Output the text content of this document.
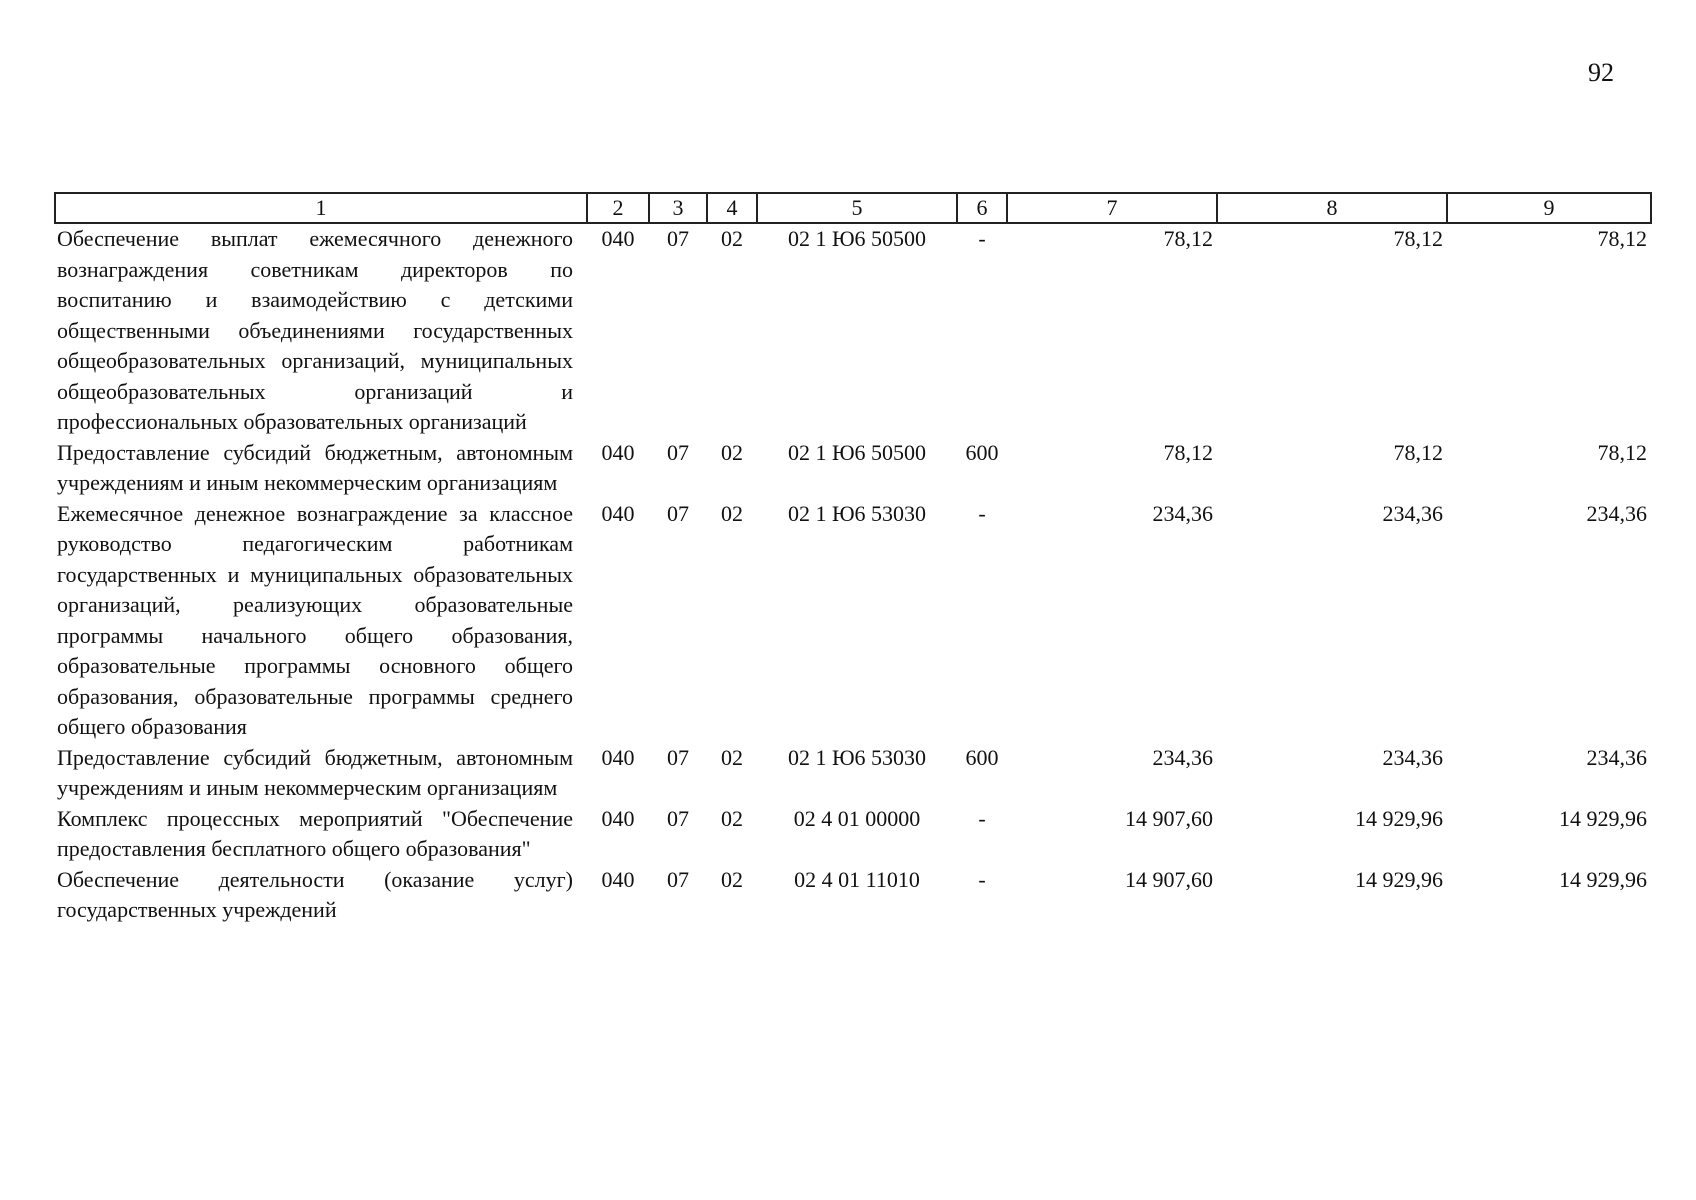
92
1	2	3	4	5	6	7	8	9
Обеспечение выплат ежемесячного денежного вознаграждения советникам директоров по воспитанию и взаимодействию с детскими общественными объединениями государственных общеобразовательных организаций, муниципальных общеобразовательных организаций и профессиональных образовательных организаций	040	07	02	02 1 Ю6 50500	-	78,12	78,12	78,12
Предоставление субсидий бюджетным, автономным учреждениям и иным некоммерческим организациям	040	07	02	02 1 Ю6 50500	600	78,12	78,12	78,12
Ежемесячное денежное вознаграждение за классное руководство педагогическим работникам государственных и муниципальных образовательных организаций, реализующих образовательные программы начального общего образования, образовательные программы основного общего образования, образовательные программы среднего общего образования	040	07	02	02 1 Ю6 53030	-	234,36	234,36	234,36
Предоставление субсидий бюджетным, автономным учреждениям и иным некоммерческим организациям	040	07	02	02 1 Ю6 53030	600	234,36	234,36	234,36
Комплекс процессных мероприятий "Обеспечение предоставления бесплатного общего образования"	040	07	02	02 4 01 00000	-	14 907,60	14 929,96	14 929,96
Обеспечение деятельности (оказание услуг) государственных учреждений	040	07	02	02 4 01 11010	-	14 907,60	14 929,96	14 929,96
